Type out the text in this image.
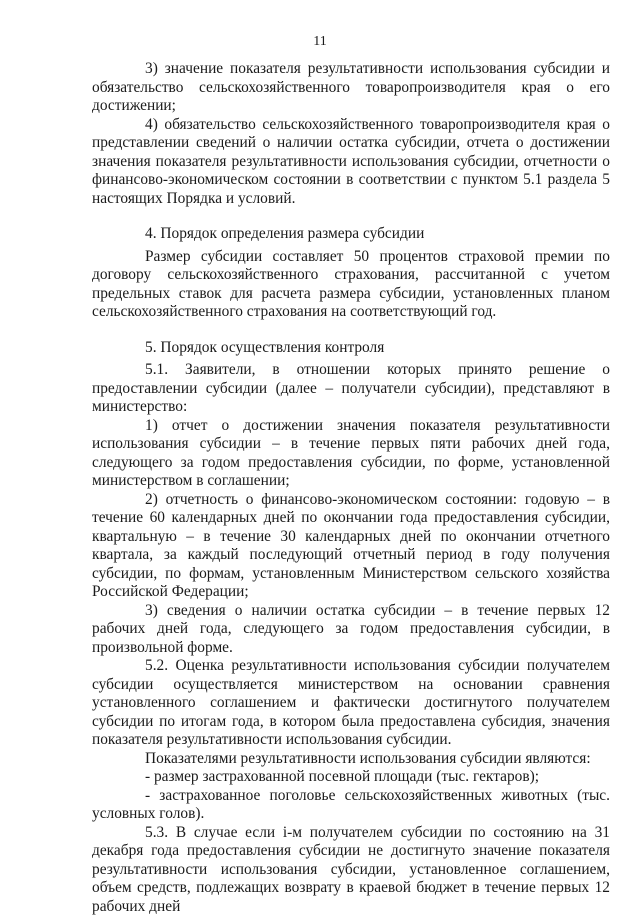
11

3) значение показателя результативности использования субсидии и обязательство сельскохозяйственного товаропроизводителя края о его достижении;

4) обязательство сельскохозяйственного товаропроизводителя края о представлении сведений о наличии остатка субсидии, отчета о достижении значения показателя результативности использования субсидии, отчетности о финансово-экономическом состоянии в соответствии с пунктом 5.1 раздела 5 настоящих Порядка и условий.

4. Порядок определения размера субсидии

Размер субсидии составляет 50 процентов страховой премии по договору сельскохозяйственного страхования, рассчитанной с учетом предельных ставок для расчета размера субсидии, установленных планом сельскохозяйственного страхования на соответствующий год.

5. Порядок осуществления контроля

5.1. Заявители, в отношении которых принято решение о предоставлении субсидии (далее – получатели субсидии), представляют в министерство:

1) отчет о достижении значения показателя результативности использования субсидии – в течение первых пяти рабочих дней года, следующего за годом предоставления субсидии, по форме, установленной министерством в соглашении;

2) отчетность о финансово-экономическом состоянии: годовую – в течение 60 календарных дней по окончании года предоставления субсидии, квартальную – в течение 30 календарных дней по окончании отчетного квартала, за каждый последующий отчетный период в году получения субсидии, по формам, установленным Министерством сельского хозяйства Российской Федерации;

3) сведения о наличии остатка субсидии – в течение первых 12 рабочих дней года, следующего за годом предоставления субсидии, в произвольной форме.

5.2. Оценка результативности использования субсидии получателем субсидии осуществляется министерством на основании сравнения установленного соглашением и фактически достигнутого получателем субсидии по итогам года, в котором была предоставлена субсидия, значения показателя результативности использования субсидии.

Показателями результативности использования субсидии являются:

- размер застрахованной посевной площади (тыс. гектаров);

- застрахованное поголовье сельскохозяйственных животных (тыс. условных голов).

5.3. В случае если i-м получателем субсидии по состоянию на 31 декабря года предоставления субсидии не достигнуто значение показателя результативности использования субсидии, установленное соглашением, объем средств, подлежащих возврату в краевой бюджет в течение первых 12 рабочих дней
